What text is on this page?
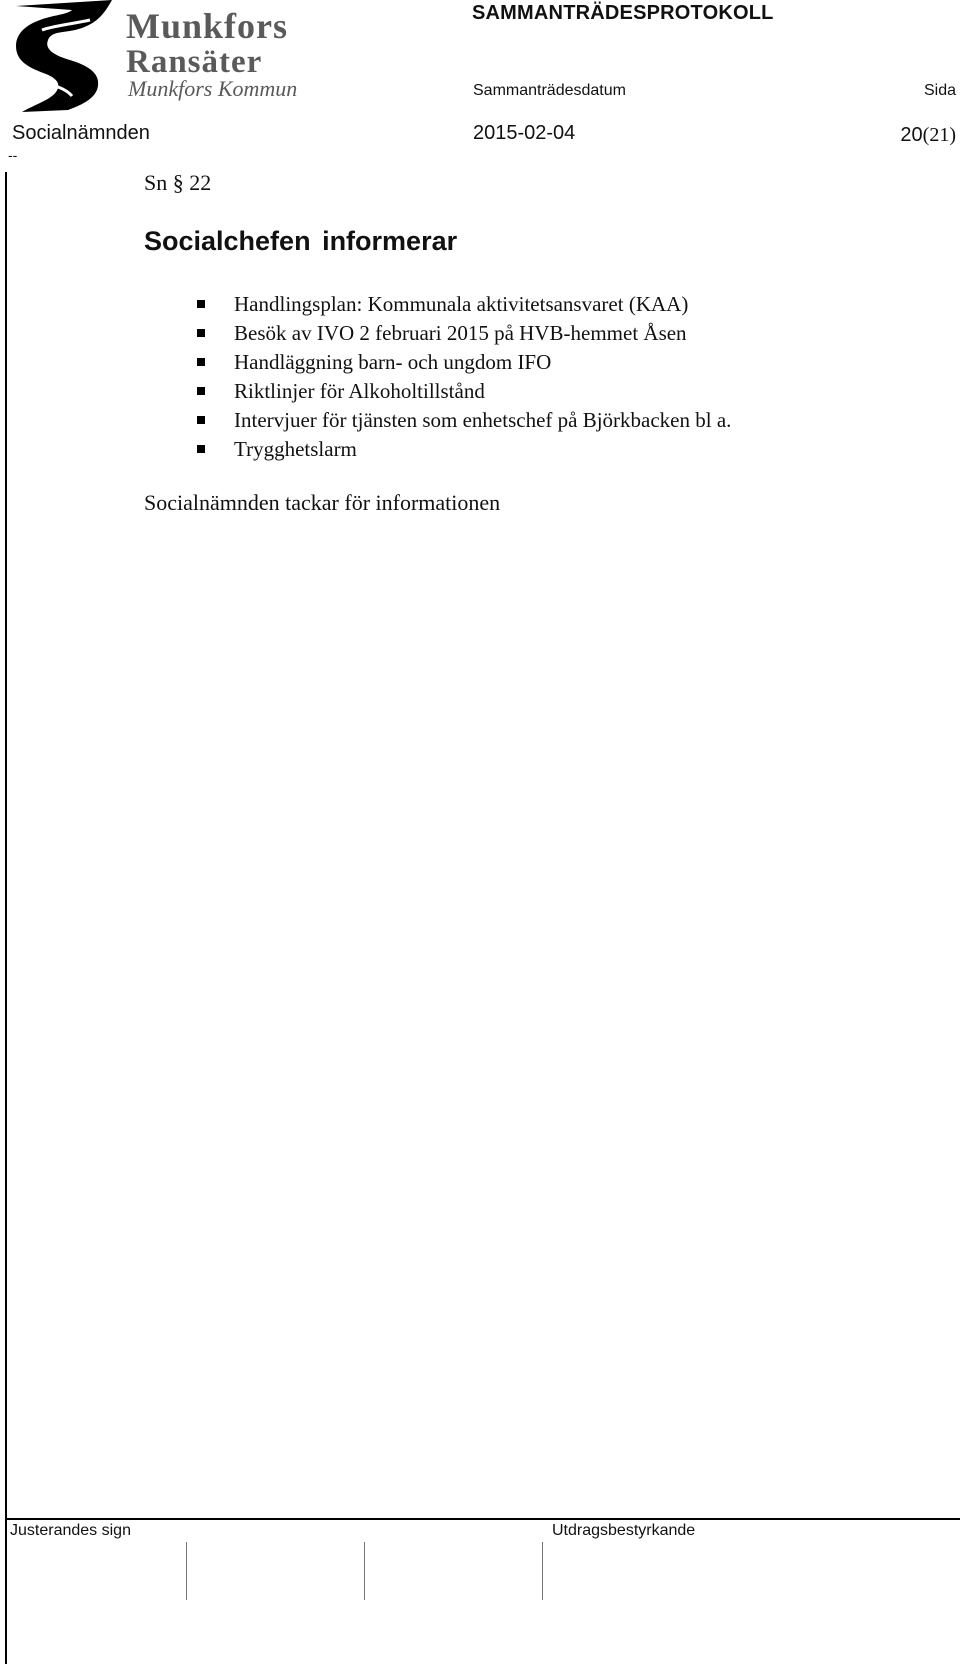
Munkfors
Ransäter
Munkfors Kommun
SAMMANTRÄDESPROTOKOLL
Sammanträdesdatum	Sida
Socialnämnden	2015-02-04	20(21)
--
Sn § 22
Socialchefen informerar
Handlingsplan: Kommunala aktivitetsansvaret (KAA)
Besök av IVO 2 februari 2015 på HVB-hemmet Åsen
Handläggning barn- och ungdom IFO
Riktlinjer för Alkoholtillstånd
Intervjuer för tjänsten som enhetschef på Björkbacken bl a.
Trygghetslarm
Socialnämnden tackar för informationen
Justerandes sign	Utdragsbestyrkande
